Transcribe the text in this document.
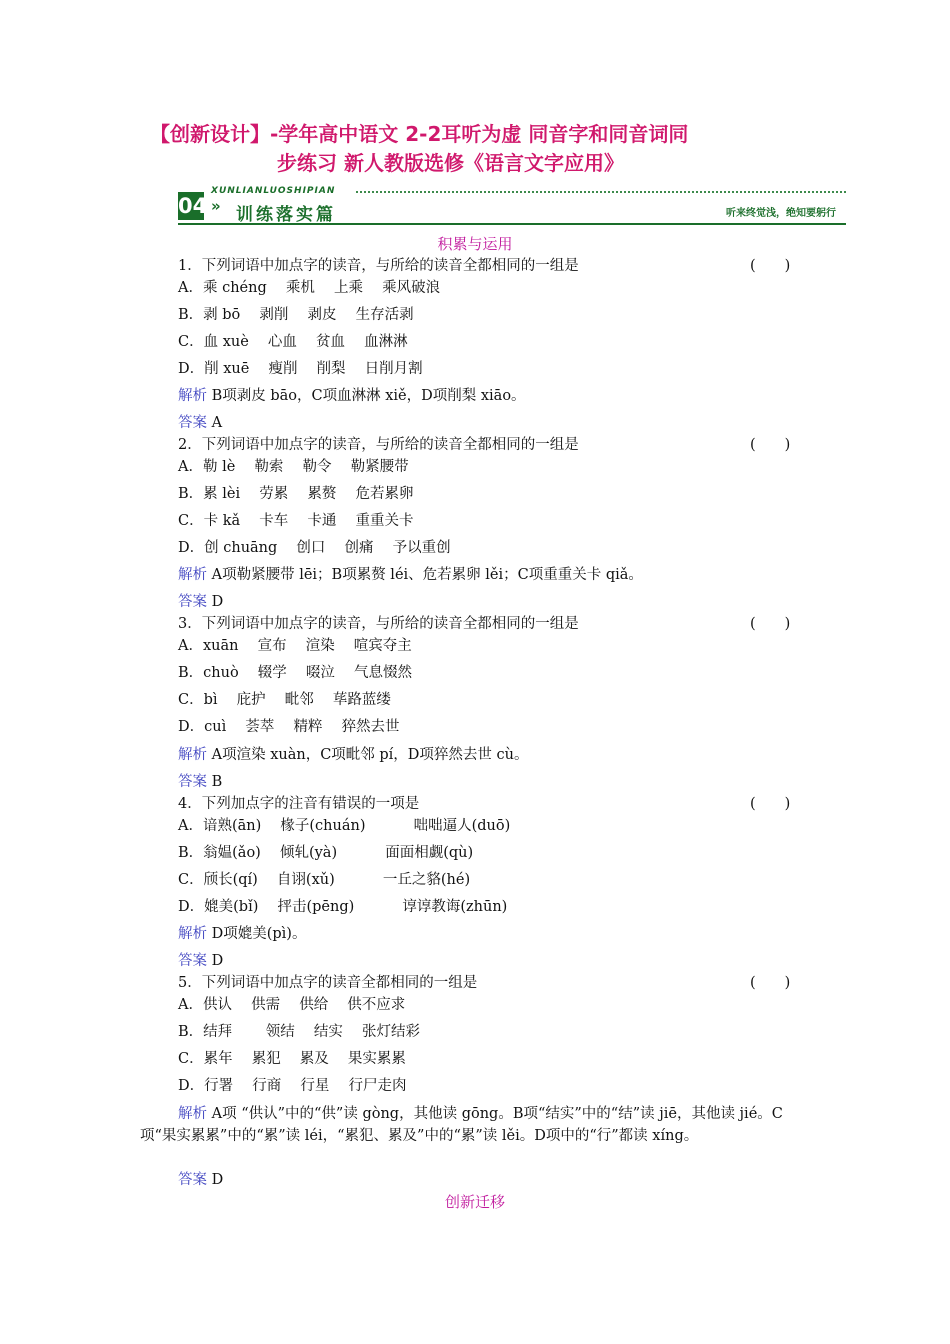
【创新设计】-学年高中语文 2-2耳听为虚 同音字和同音词同
步练习 新人教版选修《语言文字应用》
04
XUNLIANLUOSHIPIAN
» 训练落实篇	听来终觉浅，绝知要躬行
积累与运用
1．下列词语中加点字的读音，与所给的读音全都相同的一组是	(　　)
A．乘 chéng　 乘机　 上乘　 乘风破浪
B．剥 bō　 剥削　 剥皮　 生存活剥
C．血 xuè　 心血　 贫血　 血淋淋
D．削 xuē　 瘦削　 削梨　 日削月割
解析 B项剥皮 bāo，C项血淋淋 xiě，D项削梨 xiāo。
答案 A
2．下列词语中加点字的读音，与所给的读音全都相同的一组是	(　　)
A．勒 lè　 勒索　 勒令　 勒紧腰带
B．累 lèi　 劳累　 累赘　 危若累卵
C．卡 kǎ　 卡车　 卡通　 重重关卡
D．创 chuāng　 创口　 创痛　 予以重创
解析 A项勒紧腰带 lēi；B项累赘 léi、危若累卵 lěi；C项重重关卡 qiǎ。
答案 D
3．下列词语中加点字的读音，与所给的读音全都相同的一组是	(　　)
A．xuān　 宣布　 渲染　 喧宾夺主
B．chuò　 辍学　 啜泣　 气息惙然
C．bì　 庇护　 毗邻　 荜路蓝缕
D．cuì　 荟萃　 精粹　 猝然去世
解析 A项渲染 xuàn，C项毗邻 pí，D项猝然去世 cù。
答案 B
4．下列加点字的注音有错误的一项是	(　　)
A．谙熟(ān)　 椽子(chuán)　　　 咄咄逼人(duō)
B．翁媪(ǎo)　 倾轧(yà)　　　 面面相觑(qù)
C．颀长(qí)　 自诩(xǔ)　　　 一丘之貉(hé)
D．媲美(bǐ)　 抨击(pēng)　　　 谆谆教诲(zhūn)
解析 D项媲美(pì)。
答案 D
5．下列词语中加点字的读音全都相同的一组是	(　　)
A．供认　 供需　 供给　 供不应求
B．结拜　　 领结　 结实　 张灯结彩
C．累年　 累犯　 累及　 果实累累
D．行署　 行商　 行星　 行尸走肉
解析 A项 “供认”中的“供”读 gòng，其他读 gōng。B项“结实”中的“结”读 jiē，其他读 jié。C项“果实累累”中的“累”读 léi，“累犯、累及”中的“累”读 lěi。D项中的“行”都读 xíng。
答案 D
创新迁移
